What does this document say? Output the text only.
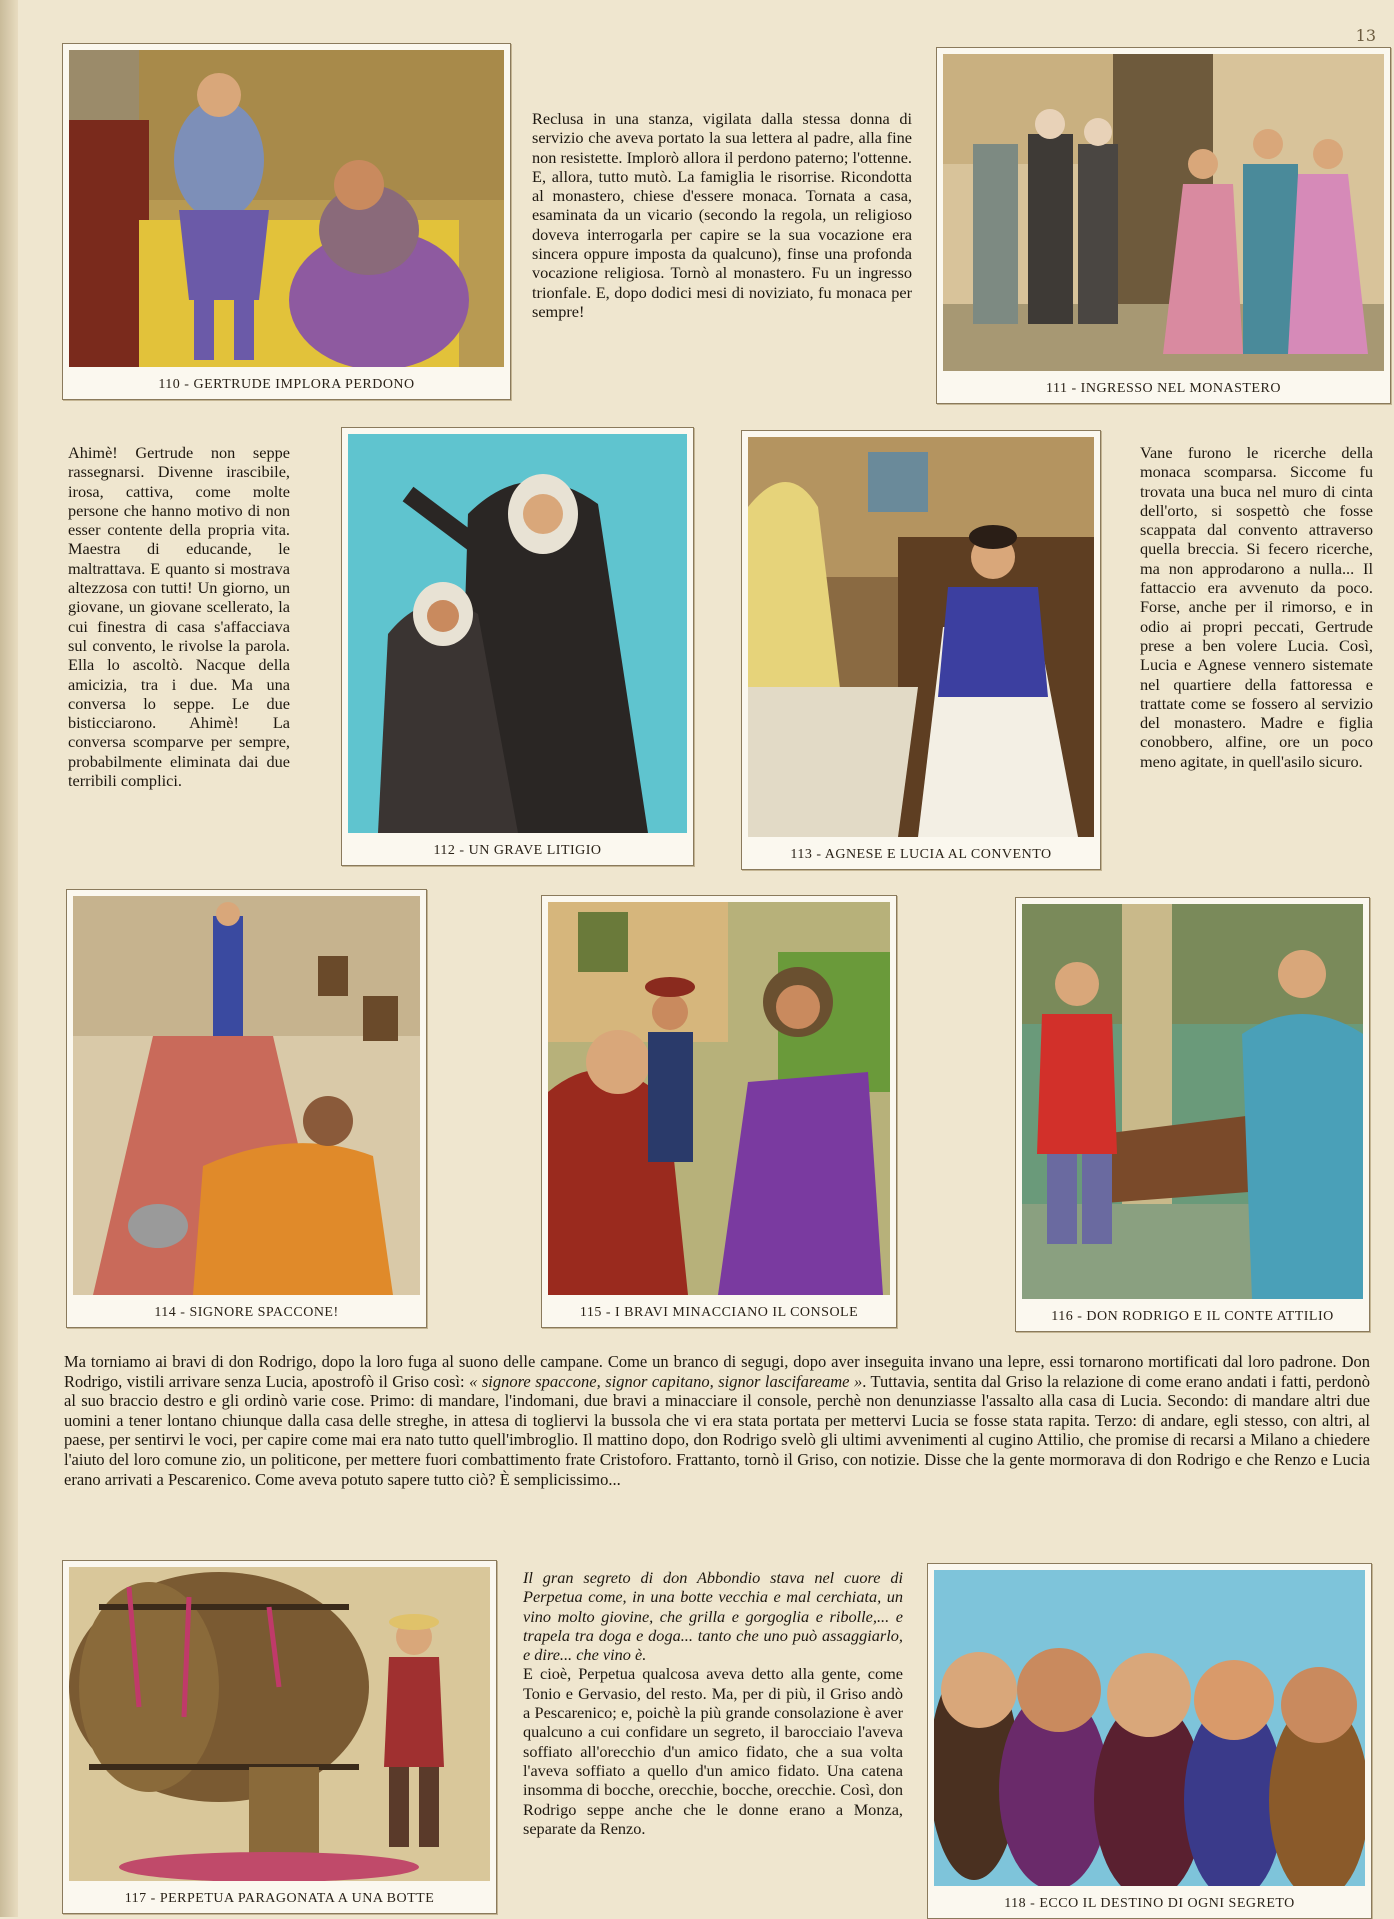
13
110 - GERTRUDE IMPLORA PERDONO
Reclusa in una stanza, vigilata dalla stessa donna di servizio che aveva portato la sua lettera al padre, alla fine non resistette. Implorò allora il perdono paterno; l'ottenne. E, allora, tutto mutò. La famiglia le risorrise. Ricondotta al monastero, chiese d'essere monaca. Tornata a casa, esaminata da un vicario (secondo la regola, un religioso doveva interrogarla per capire se la sua vocazione era sincera oppure imposta da qualcuno), finse una profonda vocazione religiosa. Tornò al monastero. Fu un ingresso trionfale. E, dopo dodici mesi di noviziato, fu monaca per sempre!
111 - INGRESSO NEL MONASTERO
Ahimè! Gertrude non seppe rassegnarsi. Divenne irascibile, irosa, cattiva, come molte persone che hanno motivo di non esser contente della propria vita. Maestra di educande, le maltrattava. E quanto si mostrava altezzosa con tutti! Un giorno, un giovane, un giovane scellerato, la cui finestra di casa s'affacciava sul convento, le rivolse la parola. Ella lo ascoltò. Nacque della amicizia, tra i due. Ma una conversa lo seppe. Le due bisticciarono. Ahimè! La conversa scomparve per sempre, probabilmente eliminata dai due terribili complici.
112 - UN GRAVE LITIGIO	113 - AGNESE E LUCIA AL CONVENTO
Vane furono le ricerche della monaca scomparsa. Siccome fu trovata una buca nel muro di cinta dell'orto, si sospettò che fosse scappata dal convento attraverso quella breccia. Si fecero ricerche, ma non approdarono a nulla... Il fattaccio era avvenuto da poco. Forse, anche per il rimorso, e in odio ai propri peccati, Gertrude prese a ben volere Lucia. Così, Lucia e Agnese vennero sistemate nel quartiere della fattoressa e trattate come se fossero al servizio del monastero. Madre e figlia conobbero, alfine, ore un poco meno agitate, in quell'asilo sicuro.
114 - SIGNORE SPACCONE!	115 - I BRAVI MINACCIANO IL CONSOLE	116 - DON RODRIGO E IL CONTE ATTILIO
Ma torniamo ai bravi di don Rodrigo, dopo la loro fuga al suono delle campane. Come un branco di segugi, dopo aver inseguita invano una lepre, essi tornarono mortificati dal loro padrone. Don Rodrigo, vistili arrivare senza Lucia, apostrofò il Griso così: « signore spaccone, signor capitano, signor lascifareame ». Tuttavia, sentita dal Griso la relazione di come erano andati i fatti, perdonò al suo braccio destro e gli ordinò varie cose. Primo: di mandare, l'indomani, due bravi a minacciare il console, perchè non denunziasse l'assalto alla casa di Lucia. Secondo: di mandare altri due uomini a tener lontano chiunque dalla casa delle streghe, in attesa di togliervi la bussola che vi era stata portata per mettervi Lucia se fosse stata rapita. Terzo: di andare, egli stesso, con altri, al paese, per sentirvi le voci, per capire come mai era nato tutto quell'imbroglio. Il mattino dopo, don Rodrigo svelò gli ultimi avvenimenti al cugino Attilio, che promise di recarsi a Milano a chiedere l'aiuto del loro comune zio, un politicone, per mettere fuori combattimento frate Cristoforo. Frattanto, tornò il Griso, con notizie. Disse che la gente mormorava di don Rodrigo e che Renzo e Lucia erano arrivati a Pescarenico. Come aveva potuto sapere tutto ciò? È semplicissimo...
117 - PERPETUA PARAGONATA A UNA BOTTE

Il gran segreto di don Abbondio stava nel cuore di Perpetua come, in una botte vecchia e mal cerchiata, un vino molto giovine, che grilla e gorgoglia e ribolle,... e trapela tra doga e doga... tanto che uno può assaggiarlo, e dire... che vino è.

E cioè, Perpetua qualcosa aveva detto alla gente, come Tonio e Gervasio, del resto. Ma, per di più, il Griso andò a Pescarenico; e, poichè la più grande consolazione è aver qualcuno a cui confidare un segreto, il barocciaio l'aveva soffiato all'orecchio d'un amico fidato, che a sua volta l'aveva soffiato a quello d'un amico fidato. Una catena insomma di bocche, orecchie, bocche, orecchie. Così, don Rodrigo seppe anche che le donne erano a Monza, separate da Renzo.

118 - ECCO IL DESTINO DI OGNI SEGRETO
